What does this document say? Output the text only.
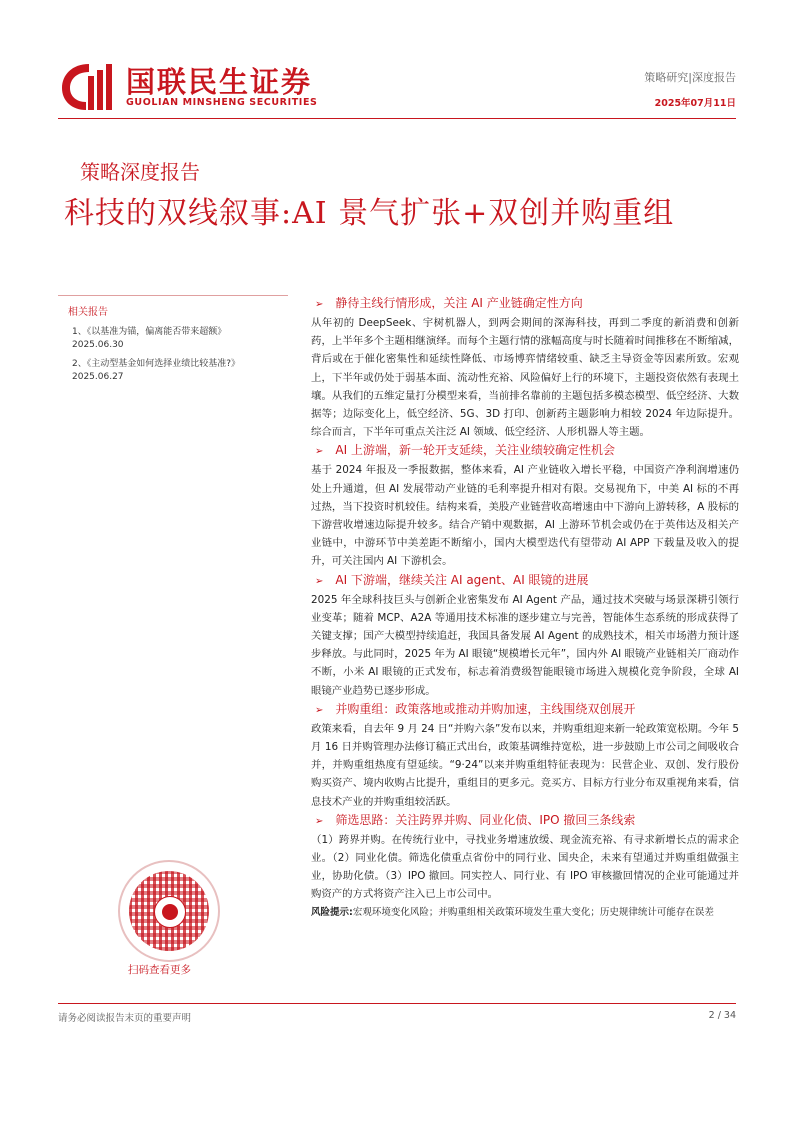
国联民生证券
GUOLIAN MINSHENG SECURITIES
策略研究|深度报告
2025年07月11日
策略深度报告
科技的双线叙事:AI 景气扩张+双创并购重组
相关报告
1、《以基准为锚，偏离能否带来超额》
2025.06.30
2、《主动型基金如何选择业绩比较基准?》
2025.06.27
扫码查看更多
➢ 静待主线行情形成，关注 AI 产业链确定性方向

从年初的 DeepSeek、宇树机器人，到两会期间的深海科技，再到二季度的新消费和创新药，上半年多个主题相继演绎。而每个主题行情的涨幅高度与时长随着时间推移在不断缩减，背后或在于催化密集性和延续性降低、市场博弈情绪较重、缺乏主导资金等因素所致。宏观上，下半年或仍处于弱基本面、流动性充裕、风险偏好上行的环境下，主题投资依然有表现土壤。从我们的五维定量打分模型来看，当前排名靠前的主题包括多模态模型、低空经济、大数据等；边际变化上，低空经济、5G、3D 打印、创新药主题影响力相较 2024 年边际提升。综合而言，下半年可重点关注泛 AI 领域、低空经济、人形机器人等主题。

➢ AI 上游端，新一轮开支延续，关注业绩较确定性机会

基于 2024 年报及一季报数据，整体来看，AI 产业链收入增长平稳，中国资产净利润增速仍处上升通道，但 AI 发展带动产业链的毛利率提升相对有限。交易视角下，中美 AI 标的不再过热，当下投资时机较佳。结构来看，美股产业链营收高增速由中下游向上游转移，A 股标的下游营收增速边际提升较多。结合产销中观数据，AI 上游环节机会或仍在于英伟达及相关产业链中，中游环节中美差距不断缩小，国内大模型迭代有望带动 AI APP 下载量及收入的提升，可关注国内 AI 下游机会。

➢ AI 下游端，继续关注 AI agent、AI 眼镜的进展

2025 年全球科技巨头与创新企业密集发布 AI Agent 产品，通过技术突破与场景深耕引领行业变革；随着 MCP、A2A 等通用技术标准的逐步建立与完善，智能体生态系统的形成获得了关键支撑；国产大模型持续追赶，我国具备发展 AI Agent 的成熟技术，相关市场潜力预计逐步释放。与此同时，2025 年为 AI 眼镜“规模增长元年”，国内外 AI 眼镜产业链相关厂商动作不断，小米 AI 眼镜的正式发布，标志着消费级智能眼镜市场进入规模化竞争阶段，全球 AI 眼镜产业趋势已逐步形成。

➢ 并购重组：政策落地或推动并购加速，主线围绕双创展开

政策来看，自去年 9 月 24 日“并购六条”发布以来，并购重组迎来新一轮政策宽松期。今年 5 月 16 日并购管理办法修订稿正式出台，政策基调维持宽松，进一步鼓励上市公司之间吸收合并，并购重组热度有望延续。“9·24”以来并购重组特征表现为：民营企业、双创、发行股份购买资产、境内收购占比提升，重组目的更多元。竞买方、目标方行业分布双重视角来看，信息技术产业的并购重组较活跃。

➢ 筛选思路：关注跨界并购、同业化债、IPO 撤回三条线索

（1）跨界并购。在传统行业中，寻找业务增速放缓、现金流充裕、有寻求新增长点的需求企业。（2）同业化债。筛选化债重点省份中的同行业、国央企，未来有望通过并购重组做强主业，协助化债。（3）IPO 撤回。同实控人、同行业、有 IPO 审核撤回情况的企业可能通过并购资产的方式将资产注入已上市公司中。

风险提示:宏观环境变化风险；并购重组相关政策环境发生重大变化；历史规律统计可能存在误差
请务必阅读报告末页的重要声明	2 / 34
